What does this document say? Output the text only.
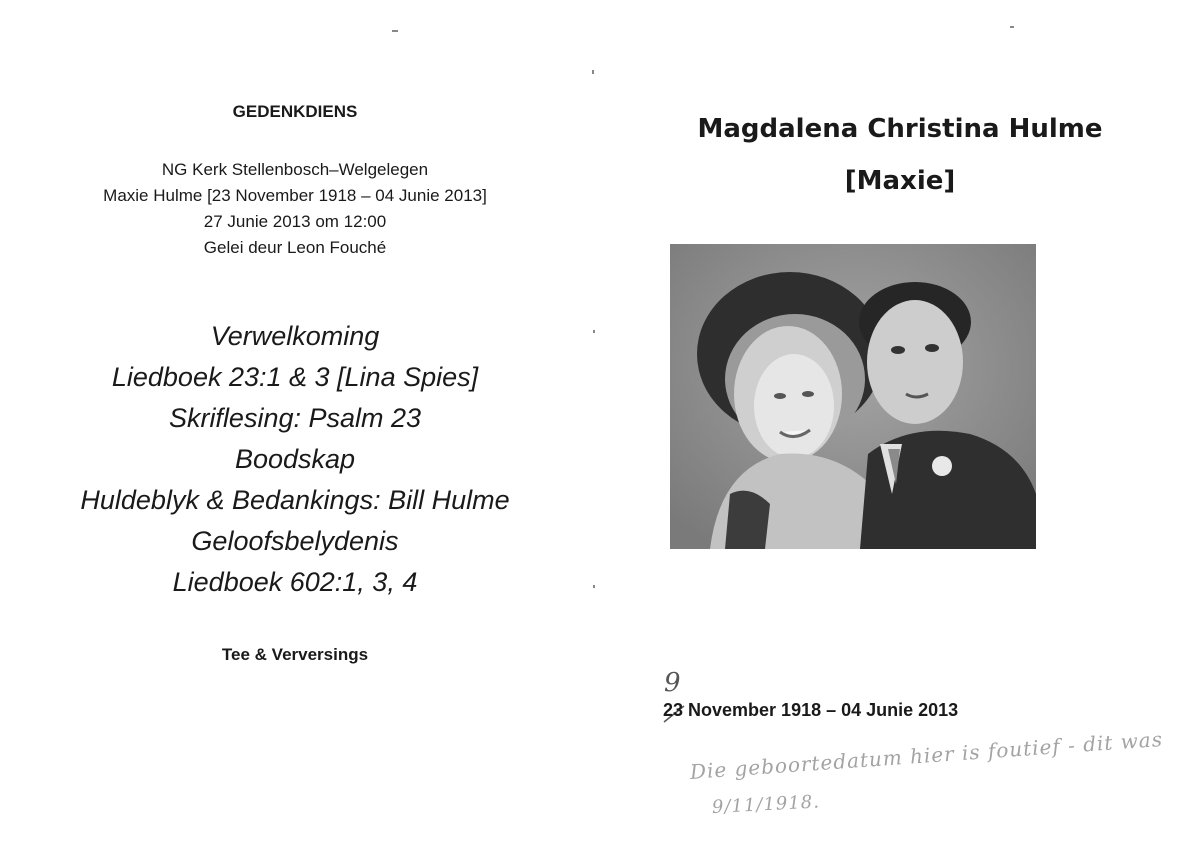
GEDENKDIENS
NG Kerk Stellenbosch–Welgelegen
Maxie Hulme [23 November 1918 – 04 Junie 2013]
27 Junie 2013 om 12:00
Gelei deur Leon Fouché
Verwelkoming
Liedboek 23:1 & 3 [Lina Spies]
Skriflesing: Psalm 23
Boodskap
Huldeblyk & Bedankings: Bill Hulme
Geloofsbelydenis
Liedboek 602:1, 3, 4
Tee & Verversings
Magdalena Christina Hulme
[Maxie]
9
23 November 1918 – 04 Junie 2013
Die geboortedatum hier is foutief - dit was
9/11/1918.
